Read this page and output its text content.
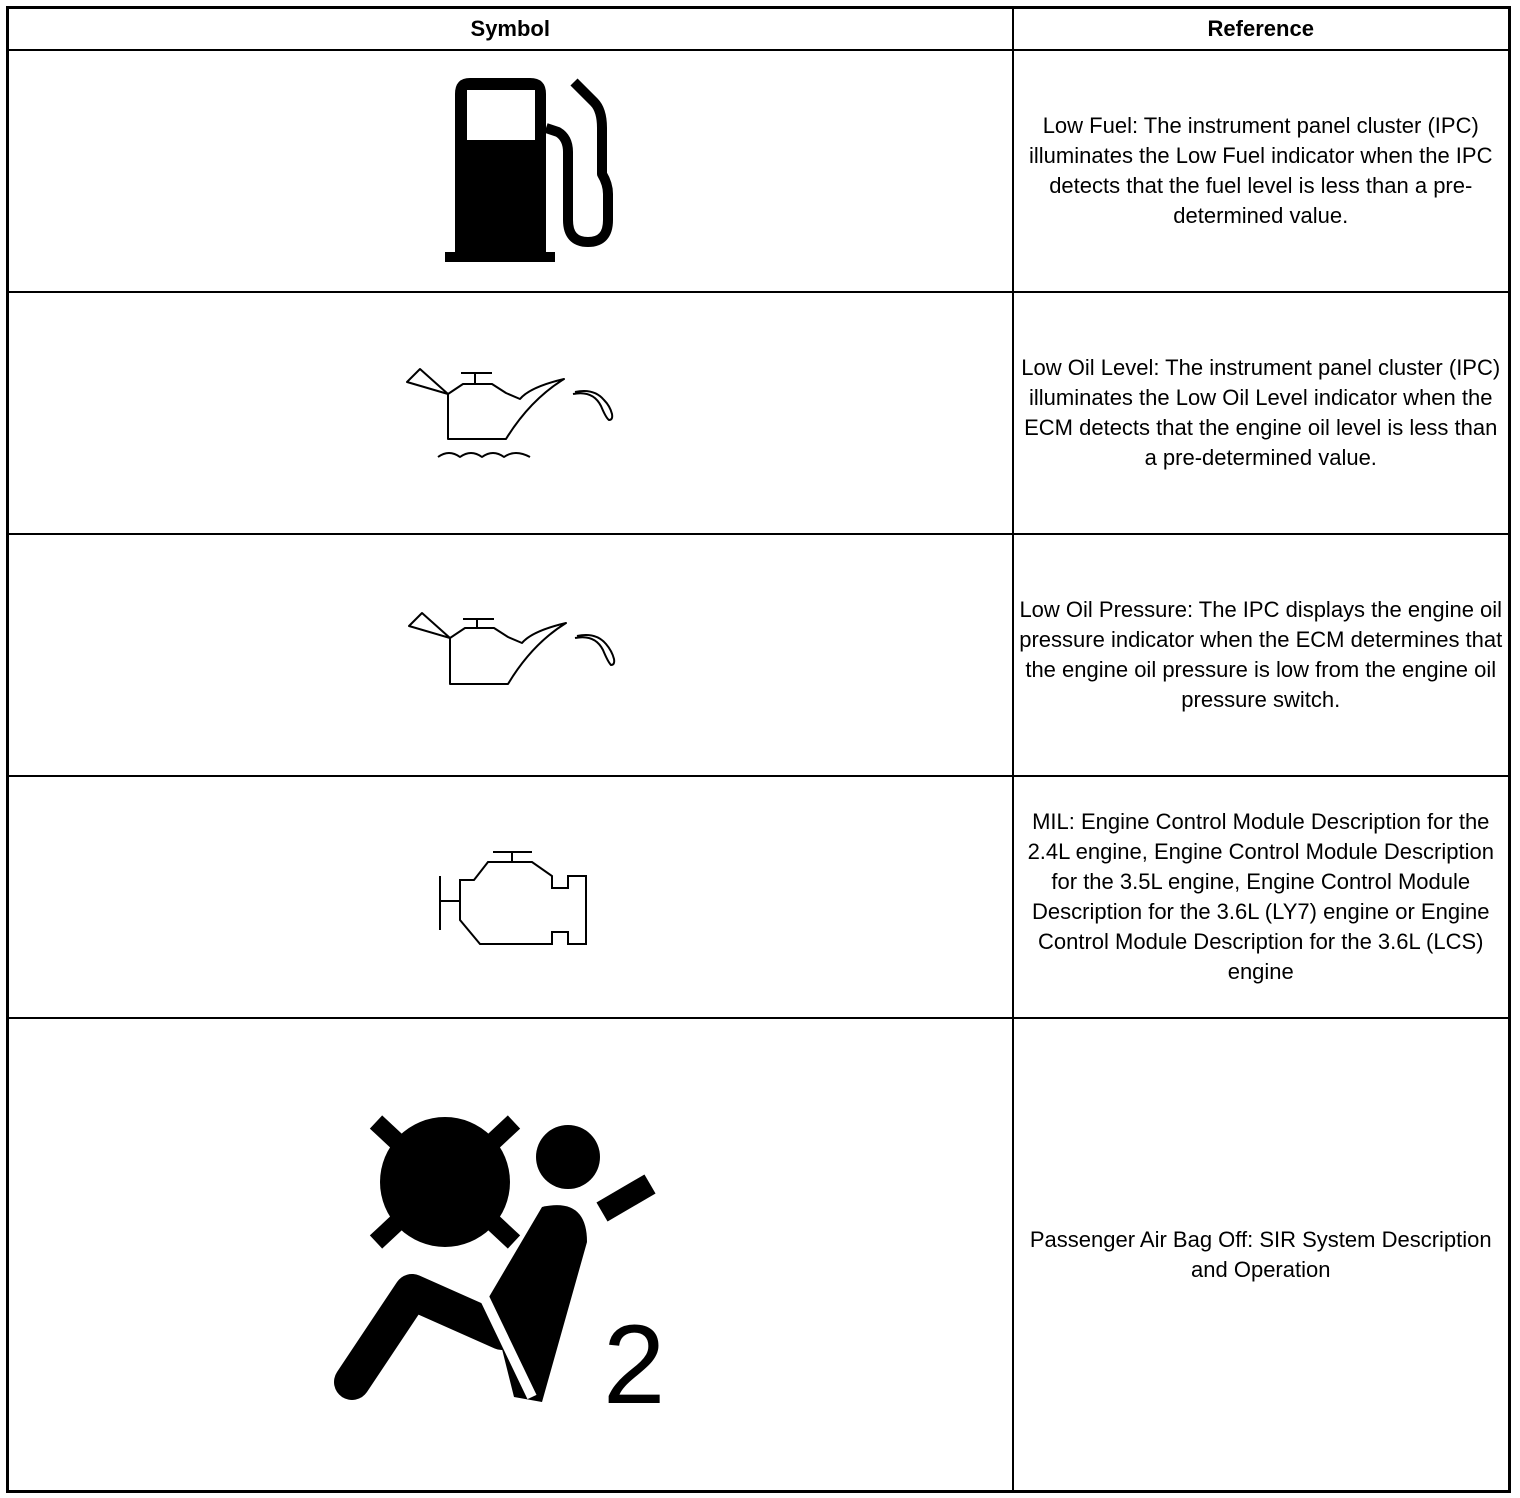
Symbol	Reference

	Low Fuel: The instrument panel cluster (IPC) illuminates the Low Fuel indicator when the IPC detects that the fuel level is less than a pre-determined value.

	Low Oil Level: The instrument panel cluster (IPC) illuminates the Low Oil Level indicator when the ECM detects that the engine oil level is less than a pre-determined value.

	Low Oil Pressure: The IPC displays the engine oil pressure indicator when the ECM determines that the engine oil pressure is low from the engine oil pressure switch.

	MIL: Engine Control Module Description for the 2.4L engine, Engine Control Module Description for the 3.5L engine, Engine Control Module Description for the 3.6L (LY7) engine or Engine Control Module Description for the 3.6L (LCS) engine

2	Passenger Air Bag Off: SIR System Description and Operation
